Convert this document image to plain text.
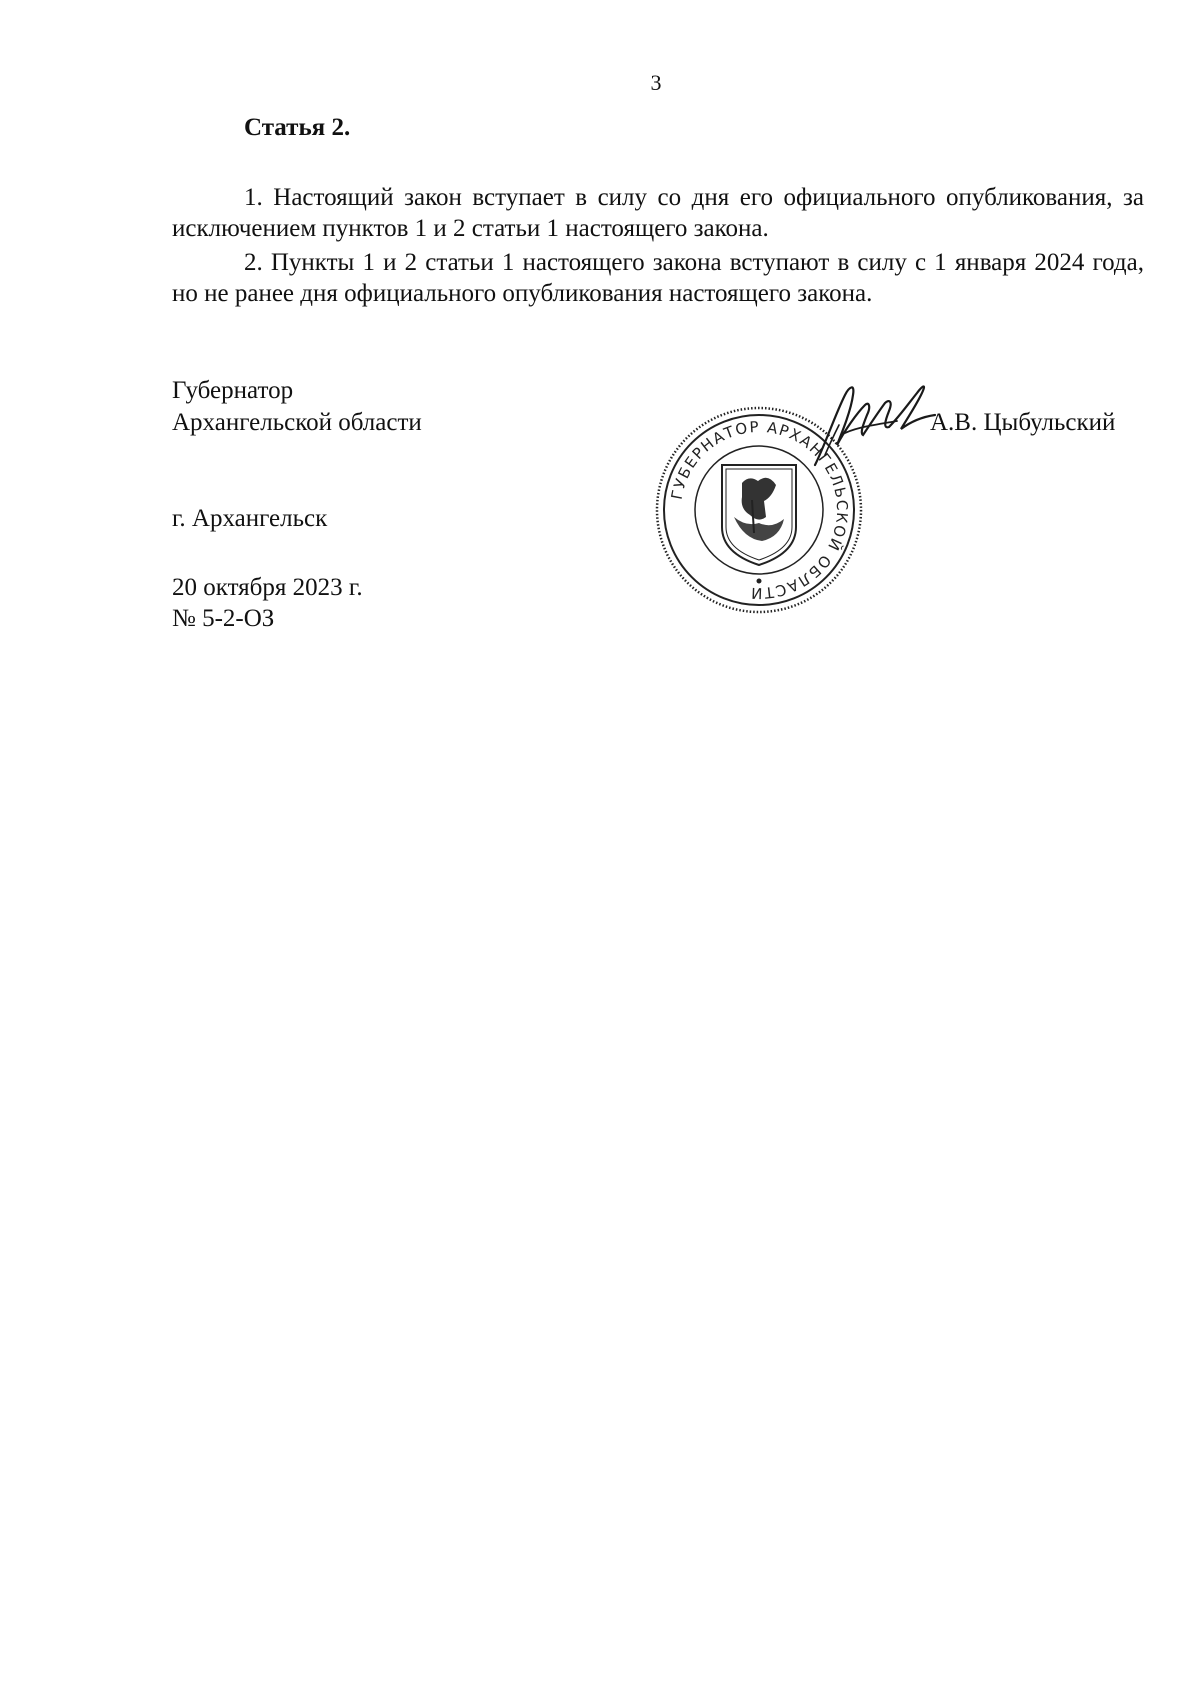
3
Статья 2.
1. Настоящий закон вступает в силу со дня его официального опубликования, за исключением пунктов 1 и 2 статьи 1 настоящего закона.
2. Пункты 1 и 2 статьи 1 настоящего закона вступают в силу с 1 января 2024 года, но не ранее дня официального опубликования настоящего закона.
Губернатор
Архангельской области	А.В. Цыбульский
ГУБЕРНАТОР АРХАНГЕЛЬСКОЙ ОБЛАСТИ
г. Архангельск
20 октября 2023 г.
№ 5-2-ОЗ
